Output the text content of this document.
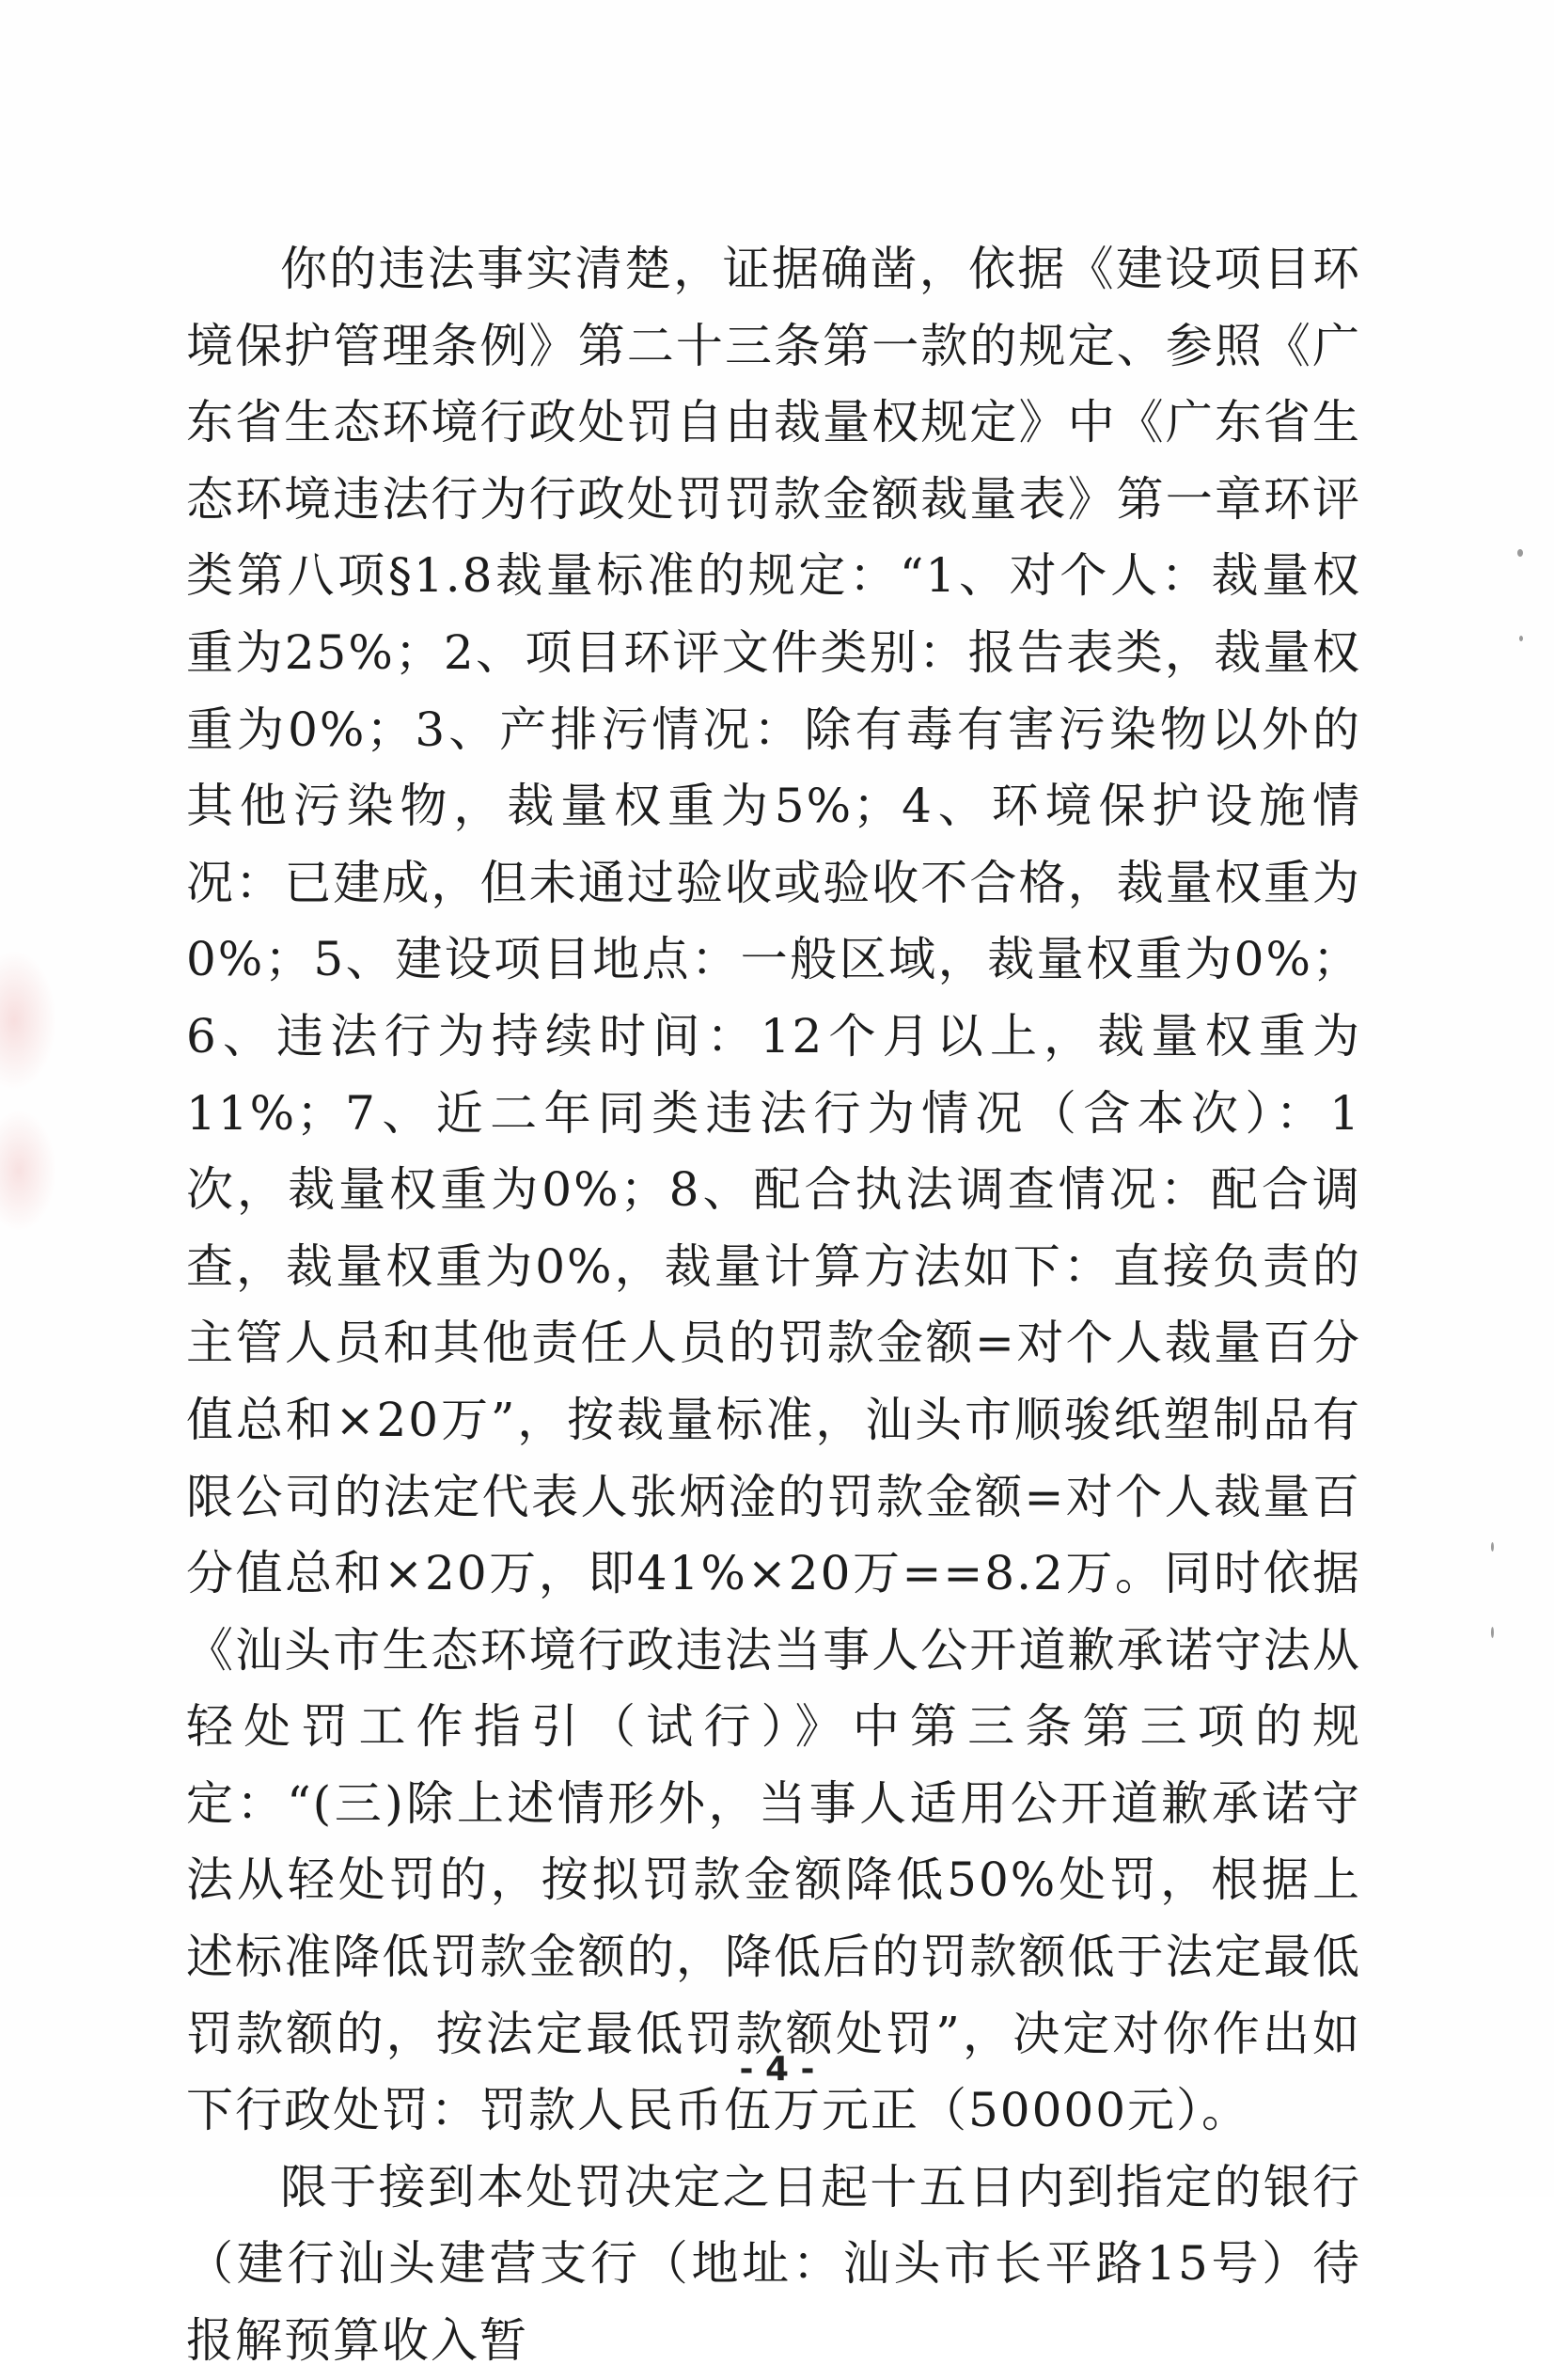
你的违法事实清楚，证据确凿，依据《建设项目环境保护管理条例》第二十三条第一款的规定、参照《广东省生态环境行政处罚自由裁量权规定》中《广东省生态环境违法行为行政处罚罚款金额裁量表》第一章环评类第八项§1.8裁量标准的规定：“1、对个人：裁量权重为25%；2、项目环评文件类别：报告表类，裁量权重为0%；3、产排污情况：除有毒有害污染物以外的其他污染物，裁量权重为5%；4、环境保护设施情况：已建成，但未通过验收或验收不合格，裁量权重为0%；5、建设项目地点：一般区域，裁量权重为0%；6、违法行为持续时间：12个月以上，裁量权重为11%；7、近二年同类违法行为情况（含本次）：1次，裁量权重为0%；8、配合执法调查情况：配合调查，裁量权重为0%，裁量计算方法如下：直接负责的主管人员和其他责任人员的罚款金额=对个人裁量百分值总和×20万”，按裁量标准，汕头市顺骏纸塑制品有限公司的法定代表人张炳淦的罚款金额=对个人裁量百分值总和×20万，即41%×20万==8.2万。同时依据《汕头市生态环境行政违法当事人公开道歉承诺守法从轻处罚工作指引（试行）》中第三条第三项的规定：“(三)除上述情形外，当事人适用公开道歉承诺守法从轻处罚的，按拟罚款金额降低50%处罚，根据上述标准降低罚款金额的，降低后的罚款额低于法定最低罚款额的，按法定最低罚款额处罚”，决定对你作出如下行政处罚：罚款人民币伍万元正（50000元）。

限于接到本处罚决定之日起十五日内到指定的银行（建行汕头建营支行（地址：汕头市长平路15号）待报解预算收入暂

- 4 -
